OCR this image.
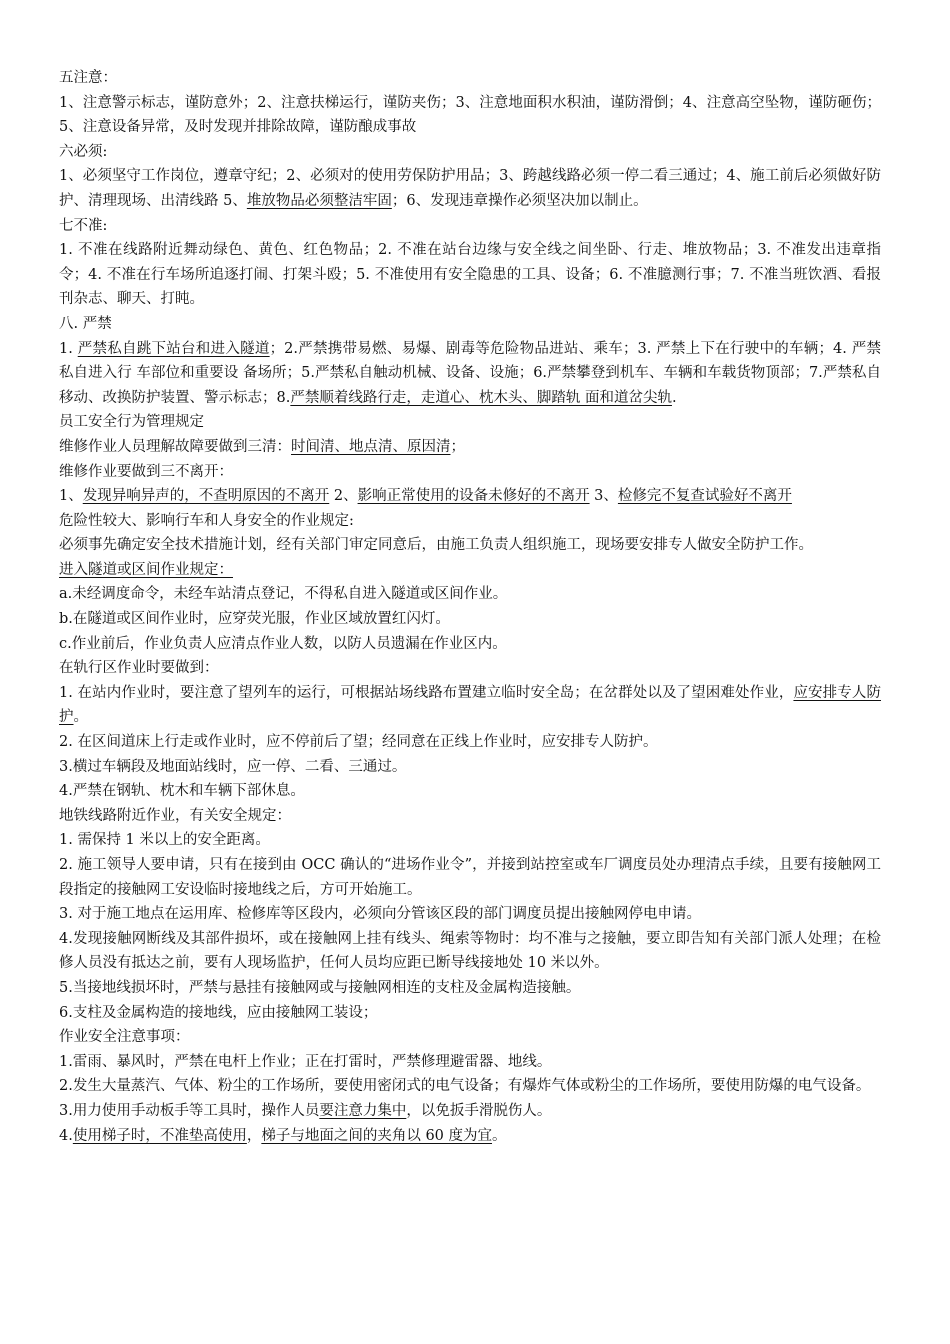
五注意：

1、注意警示标志，谨防意外；2、注意扶梯运行，谨防夹伤；3、注意地面积水积油，谨防滑倒；4、注意高空坠物，谨防砸伤；5、注意设备异常，及时发现并排除故障，谨防酿成事故

六必须:

1、必须坚守工作岗位，遵章守纪；2、必须对的使用劳保防护用品；3、跨越线路必须一停二看三通过；4、施工前后必须做好防护、清理现场、出清线路 5、堆放物品必须整洁牢固；6、发现违章操作必须坚决加以制止。

七不准:

1. 不准在线路附近舞动绿色、黄色、红色物品；2. 不准在站台边缘与安全线之间坐卧、行走、堆放物品；3. 不准发出违章指令；4. 不准在行车场所追逐打闹、打架斗殴；5. 不准使用有安全隐患的工具、设备；6. 不准臆测行事；7. 不准当班饮酒、看报刊杂志、聊天、打盹。

八. 严禁

1. 严禁私自跳下站台和进入隧道；2.严禁携带易燃、易爆、剧毒等危险物品进站、乘车；3. 严禁上下在行驶中的车辆；4. 严禁私自进入行 车部位和重要设 备场所；5.严禁私自触动机械、设备、设施；6.严禁攀登到机车、车辆和车载货物顶部；7.严禁私自移动、改换防护装置、警示标志；8.严禁顺着线路行走，走道心、枕木头、脚踏轨 面和道岔尖轨.

员工安全行为管理规定

维修作业人员理解故障要做到三清：时间清、地点清、原因清；

维修作业要做到三不离开：

1、发现异响异声的，不查明原因的不离开 2、影响正常使用的设备未修好的不离开 3、检修完不复查试验好不离开

危险性较大、影响行车和人身安全的作业规定:

必须事先确定安全技术措施计划，经有关部门审定同意后，由施工负责人组织施工，现场要安排专人做安全防护工作。

进入隧道或区间作业规定：

a.未经调度命令，未经车站清点登记，不得私自进入隧道或区间作业。

b.在隧道或区间作业时，应穿荧光服，作业区域放置红闪灯。

c.作业前后，作业负责人应清点作业人数，以防人员遗漏在作业区内。

在轨行区作业时要做到：

1. 在站内作业时，要注意了望列车的运行，可根据站场线路布置建立临时安全岛；在岔群处以及了望困难处作业，应安排专人防护。

2. 在区间道床上行走或作业时，应不停前后了望；经同意在正线上作业时，应安排专人防护。

3.横过车辆段及地面站线时，应一停、二看、三通过。

4.严禁在钢轨、枕木和车辆下部休息。

地铁线路附近作业，有关安全规定：

1. 需保持 1 米以上的安全距离。

2. 施工领导人要申请，只有在接到由 OCC 确认的“进场作业令”，并接到站控室或车厂调度员处办理清点手续，且要有接触网工段指定的接触网工安设临时接地线之后，方可开始施工。

3. 对于施工地点在运用库、检修库等区段内，必须向分管该区段的部门调度员提出接触网停电申请。

4.发现接触网断线及其部件损坏，或在接触网上挂有线头、绳索等物时：均不准与之接触，要立即告知有关部门派人处理；在检修人员没有抵达之前，要有人现场监护，任何人员均应距已断导线接地处 10 米以外。

5.当接地线损坏时，严禁与悬挂有接触网或与接触网相连的支柱及金属构造接触。

6.支柱及金属构造的接地线，应由接触网工装设；

作业安全注意事项：

1.雷雨、暴风时，严禁在电杆上作业；正在打雷时，严禁修理避雷器、地线。

2.发生大量蒸汽、气体、粉尘的工作场所，要使用密闭式的电气设备；有爆炸气体或粉尘的工作场所，要使用防爆的电气设备。

3.用力使用手动板手等工具时，操作人员要注意力集中，以免扳手滑脱伤人。

4.使用梯子时，不准垫高使用，梯子与地面之间的夹角以 60 度为宜。
